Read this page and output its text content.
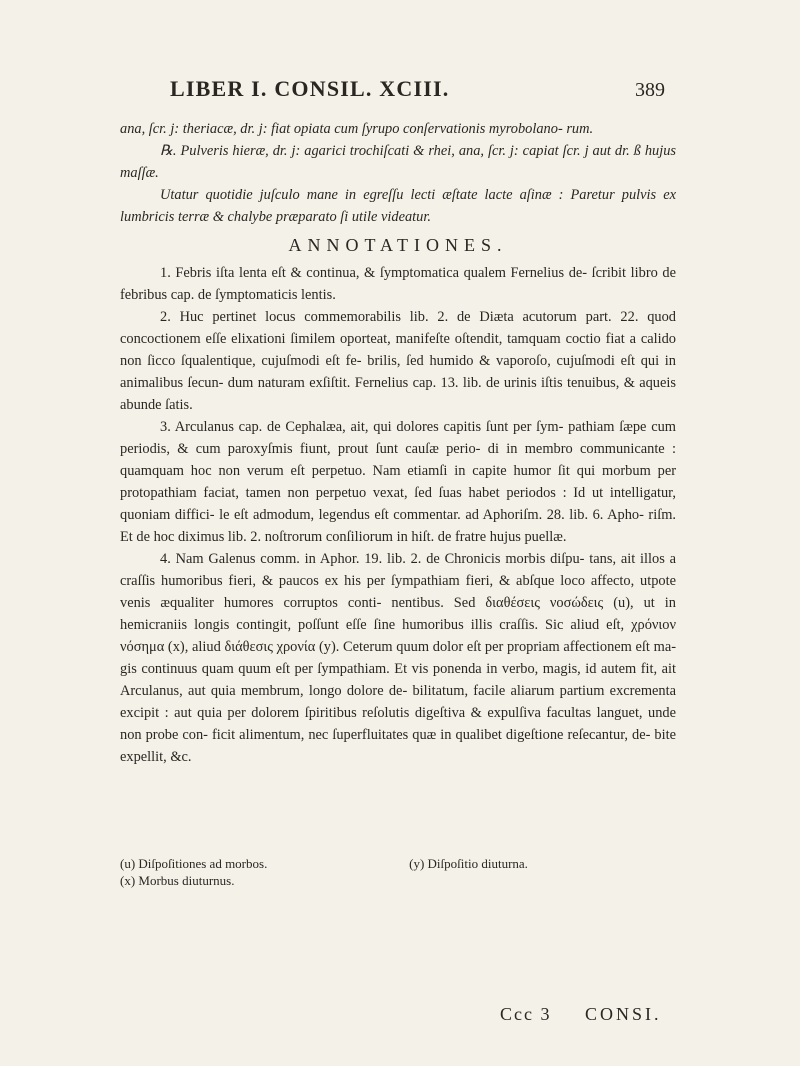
LIBER I. CONSIL. XCIII.	389

ana, ſcr. j: theriacæ, dr. j: fiat opiata cum ſyrupo conſervationis myrobolano- rum.

℞. Pulveris hieræ, dr. j: agarici trochiſcati & rhei, ana, ſcr. j: capiat ſcr. j aut dr. ß hujus maſſæ.

Utatur quotidie juſculo mane in egreſſu lecti æſtate lacte aſinæ : Paretur pulvis ex lumbricis terræ & chalybe præparato ſi utile videatur.

ANNOTATIONES.

1. Febris iſta lenta eſt & continua, & ſymptomatica qualem Fernelius de- ſcribit libro de febribus cap. de ſymptomaticis lentis.

2. Huc pertinet locus commemorabilis lib. 2. de Diæta acutorum part. 22. quod concoctionem eſſe elixationi ſimilem oporteat, manifeſte oſtendit, tamquam coctio fiat a calido non ſicco ſqualentique, cujuſmodi eſt fe- brilis, ſed humido & vaporoſo, cujuſmodi eſt qui in animalibus ſecun- dum naturam exſiſtit. Fernelius cap. 13. lib. de urinis iſtis tenuibus, & aqueis abunde ſatis.

3. Arculanus cap. de Cephalæa, ait, qui dolores capitis ſunt per ſym- pathiam ſæpe cum periodis, & cum paroxyſmis fiunt, prout ſunt cauſæ perio- di in membro communicante : quamquam hoc non verum eſt perpetuo. Nam etiamſi in capite humor ſit qui morbum per protopathiam faciat, tamen non perpetuo vexat, ſed ſuas habet periodos : Id ut intelligatur, quoniam diffici- le eſt admodum, legendus eſt commentar. ad Aphoriſm. 28. lib. 6. Apho- riſm. Et de hoc diximus lib. 2. noſtrorum conſiliorum in hiſt. de fratre hujus puellæ.

4. Nam Galenus comm. in Aphor. 19. lib. 2. de Chronicis morbis diſpu- tans, ait illos a craſſis humoribus fieri, & paucos ex his per ſympathiam fieri, & abſque loco affecto, utpote venis æqualiter humores corruptos conti- nentibus. Sed διαθέσεις νοσώδεις (u), ut in hemicraniis longis contingit, poſſunt eſſe ſine humoribus illis craſſis. Sic aliud eſt, χρόνιον νόσημα (x), aliud διάθεσις χρονία (y). Ceterum quum dolor eſt per propriam affectionem eſt ma- gis continuus quam quum eſt per ſympathiam. Et vis ponenda in verbo, magis, id autem fit, ait Arculanus, aut quia membrum, longo dolore de- bilitatum, facile aliarum partium excrementa excipit : aut quia per dolorem ſpiritibus reſolutis digeſtiva & expulſiva facultas languet, unde non probe con- ficit alimentum, nec ſuperfluitates quæ in qualibet digeſtione reſecantur, de- bite expellit, &c.

(u) Diſpoſitiones ad morbos.	(y) Diſpoſitio diuturna.
(x) Morbus diuturnus.
Ccc 3 CONSI.
